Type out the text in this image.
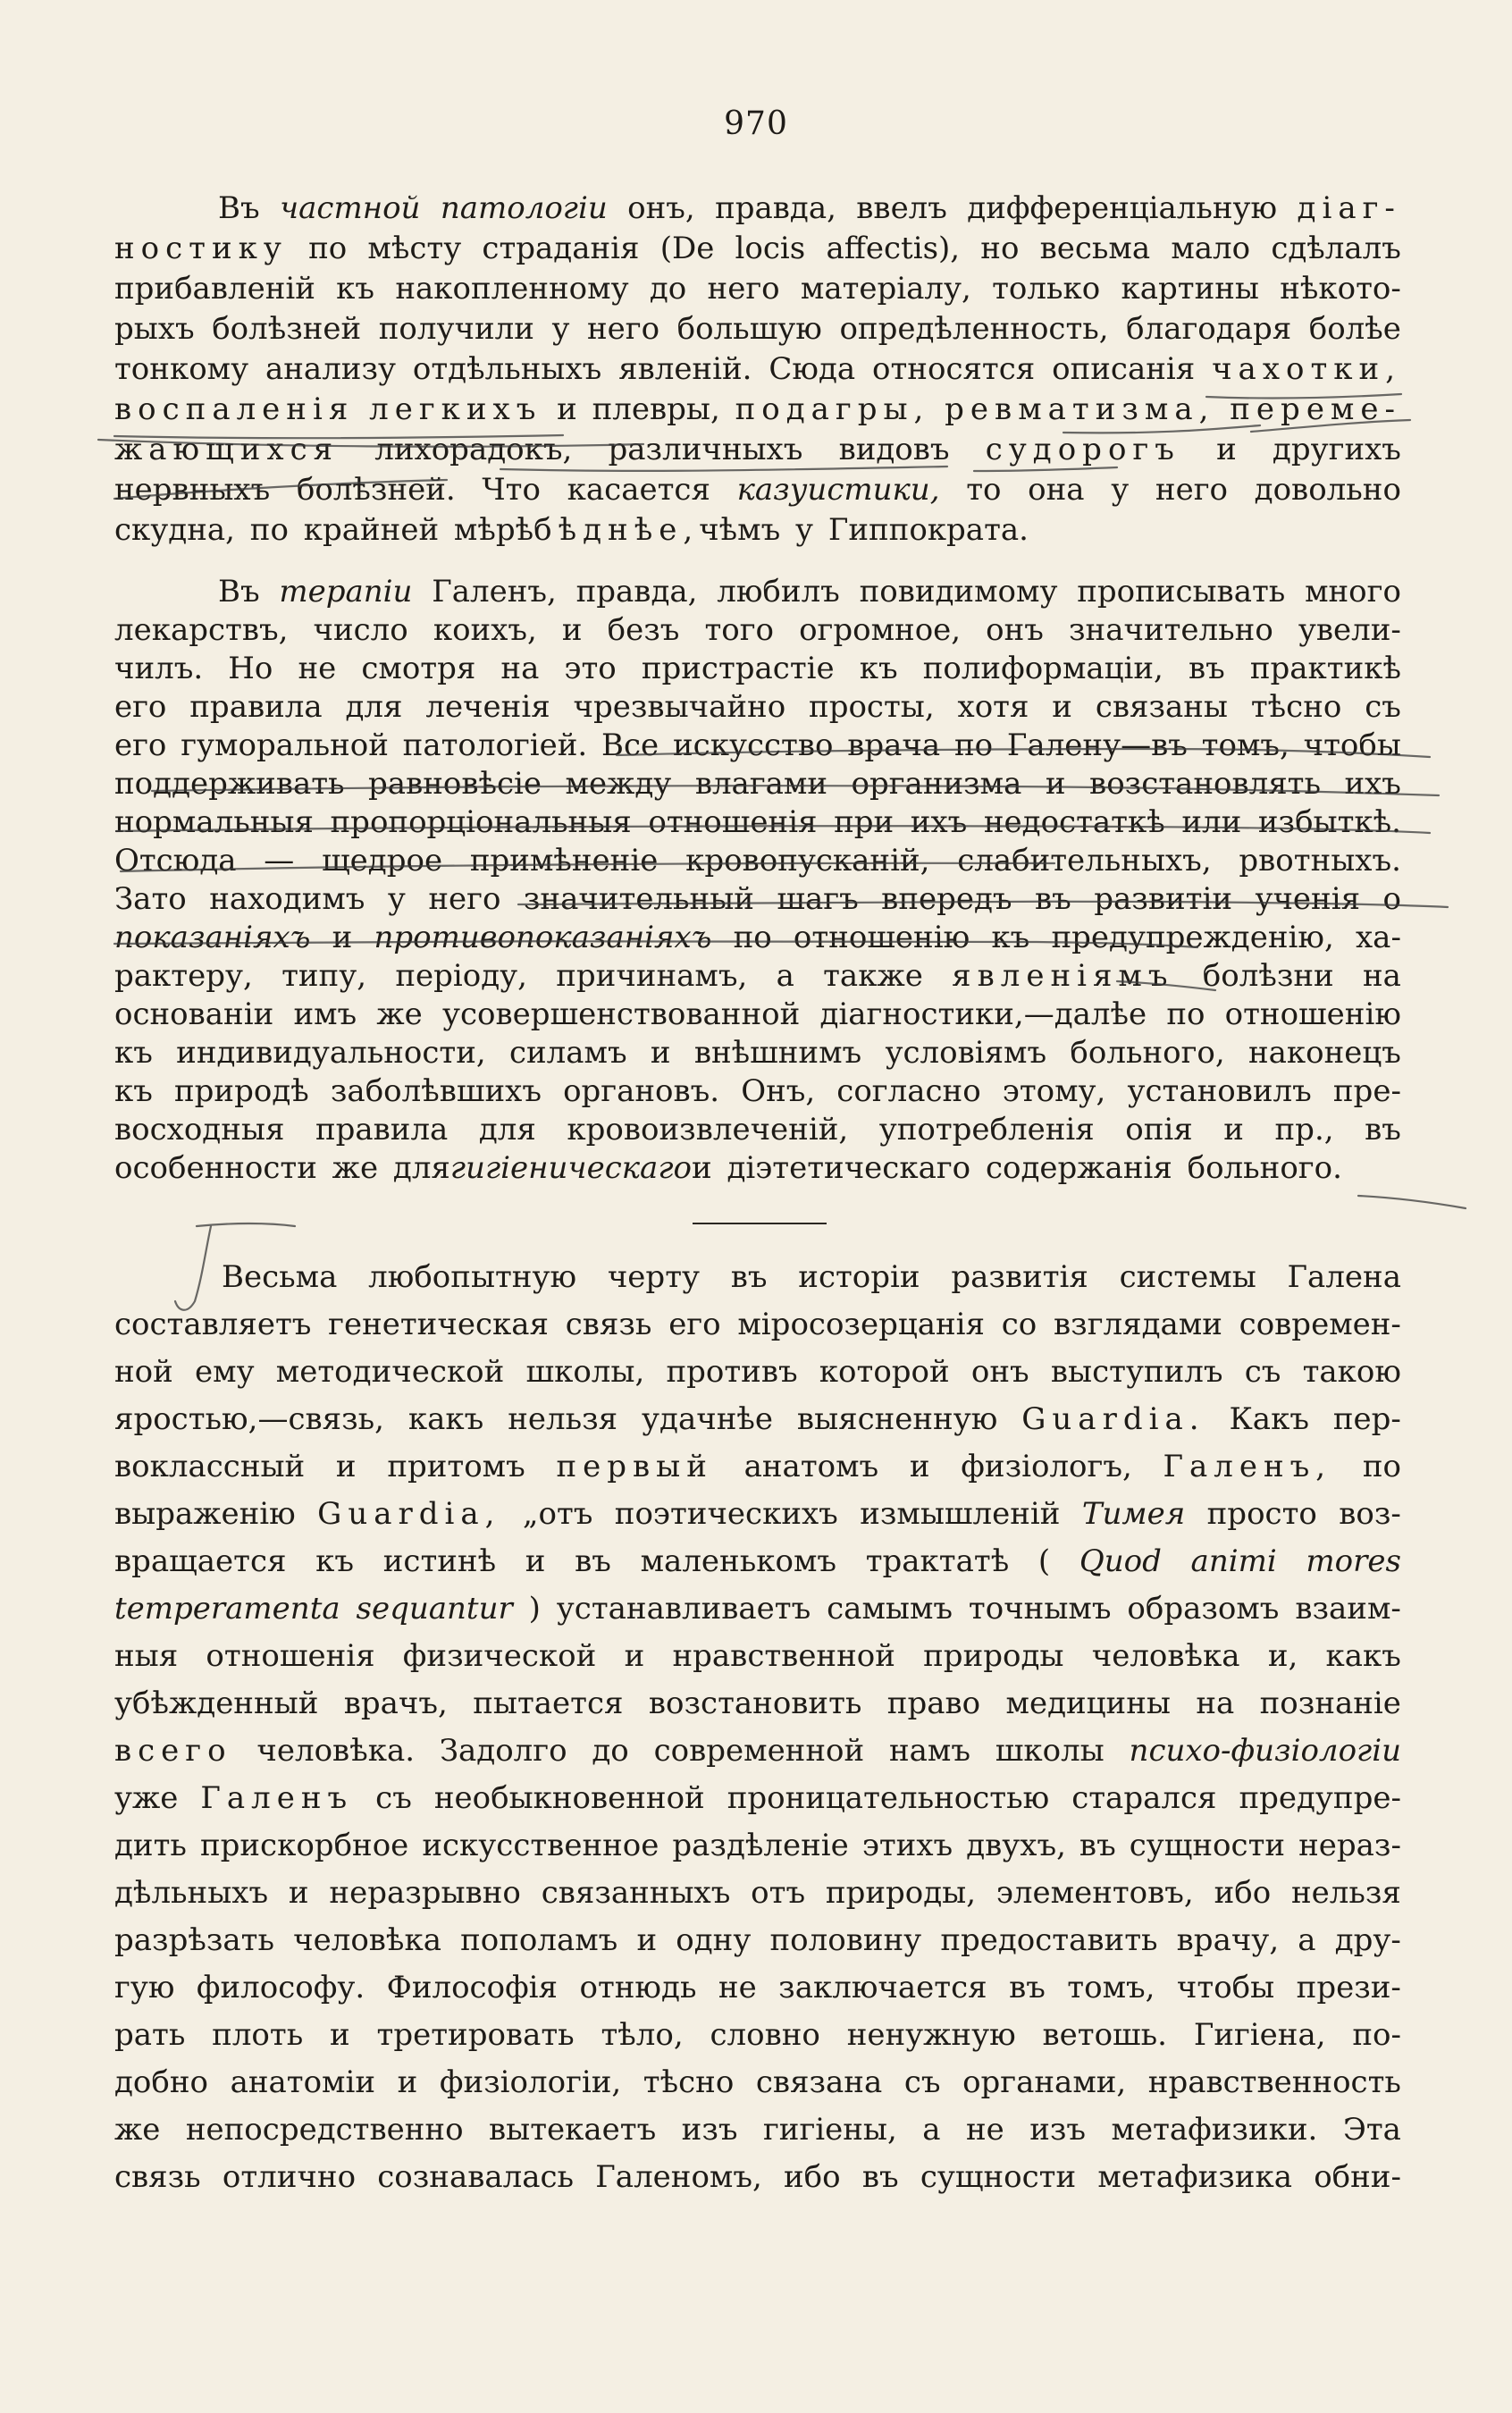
970
Въ частной патологіи онъ, правда, ввелъ дифференціальную діаг-
ностику по мѣсту страданія (De locis affectis), но весьма мало сдѣлалъ
прибавленій къ накопленному до него матеріалу, только картины нѣкото-
рыхъ болѣзней получили у него большую опредѣленность, благодаря болѣе
тонкому анализу отдѣльныхъ явленій. Сюда относятся описанія чахотки,
воспаленія легкихъ и плевры, подагры, ревматизма, переме-
жающихся лихорадокъ, различныхъ видовъ судорогъ и другихъ
нервныхъ болѣзней. Что касается казуистики, то она у него довольно
скудна, по крайней мѣрѣ бѣднѣе, чѣмъ у Гиппократа.
Въ терапіи Галенъ, правда, любилъ повидимому прописывать много
лекарствъ, число коихъ, и безъ того огромное, онъ значительно увели-
чилъ. Но не смотря на это пристрастіе къ полиформаціи, въ практикѣ
его правила для леченія чрезвычайно просты, хотя и связаны тѣсно съ
его гуморальной патологіей. Все искусство врача по Галену—въ томъ, чтобы
поддерживать равновѣсіе между влагами организма и возстановлять ихъ
нормальныя пропорціональныя отношенія при ихъ недостаткѣ или избыткѣ.
Отсюда — щедрое примѣненіе кровопусканій, слабительныхъ, рвотныхъ.
Зато находимъ у него значительный шагъ впередъ въ развитіи ученія о
показаніяхъ и противопоказаніяхъ по отношенію къ предупрежденію, ха-
рактеру, типу, періоду, причинамъ, а также явленіямъ болѣзни на
основаніи имъ же усовершенствованной діагностики,—далѣе по отношенію
къ индивидуальности, силамъ и внѣшнимъ условіямъ больного, наконецъ
къ природѣ заболѣвшихъ органовъ. Онъ, согласно этому, установилъ пре-
восходныя правила для кровоизвлеченій, употребленія опія и пр., въ
особенности же для гигіеническаго и діэтетическаго содержанія больного.
Весьма любопытную черту въ исторіи развитія системы Галена
составляетъ генетическая связь его міросозерцанія со взглядами современ-
ной ему методической школы, противъ которой онъ выступилъ съ такою
яростью,—связь, какъ нельзя удачнѣе выясненную Guardia. Какъ пер-
воклассный и притомъ первый анатомъ и физіологъ, Галенъ, по
выраженію Guardia, „отъ поэтическихъ измышленій Тимея просто воз-
вращается къ истинѣ и въ маленькомъ трактатѣ ( Quod animi mores
temperamenta sequantur ) устанавливаетъ самымъ точнымъ образомъ взаим-
ныя отношенія физической и нравственной природы человѣка и, какъ
убѣжденный врачъ, пытается возстановить право медицины на познаніе
всего человѣка. Задолго до современной намъ школы психо-физіологіи
уже Галенъ съ необыкновенной проницательностью старался предупре-
дить прискорбное искусственное раздѣленіе этихъ двухъ, въ сущности нераз-
дѣльныхъ и неразрывно связанныхъ отъ природы, элементовъ, ибо нельзя
разрѣзать человѣка пополамъ и одну половину предоставить врачу, а дру-
гую философу. Философія отнюдь не заключается въ томъ, чтобы прези-
рать плоть и третировать тѣло, словно ненужную ветошь. Гигіена, по-
добно анатоміи и физіологіи, тѣсно связана съ органами, нравственность
же непосредственно вытекаетъ изъ гигіены, а не изъ метафизики. Эта
связь отлично сознавалась Галеномъ, ибо въ сущности метафизика обни-
